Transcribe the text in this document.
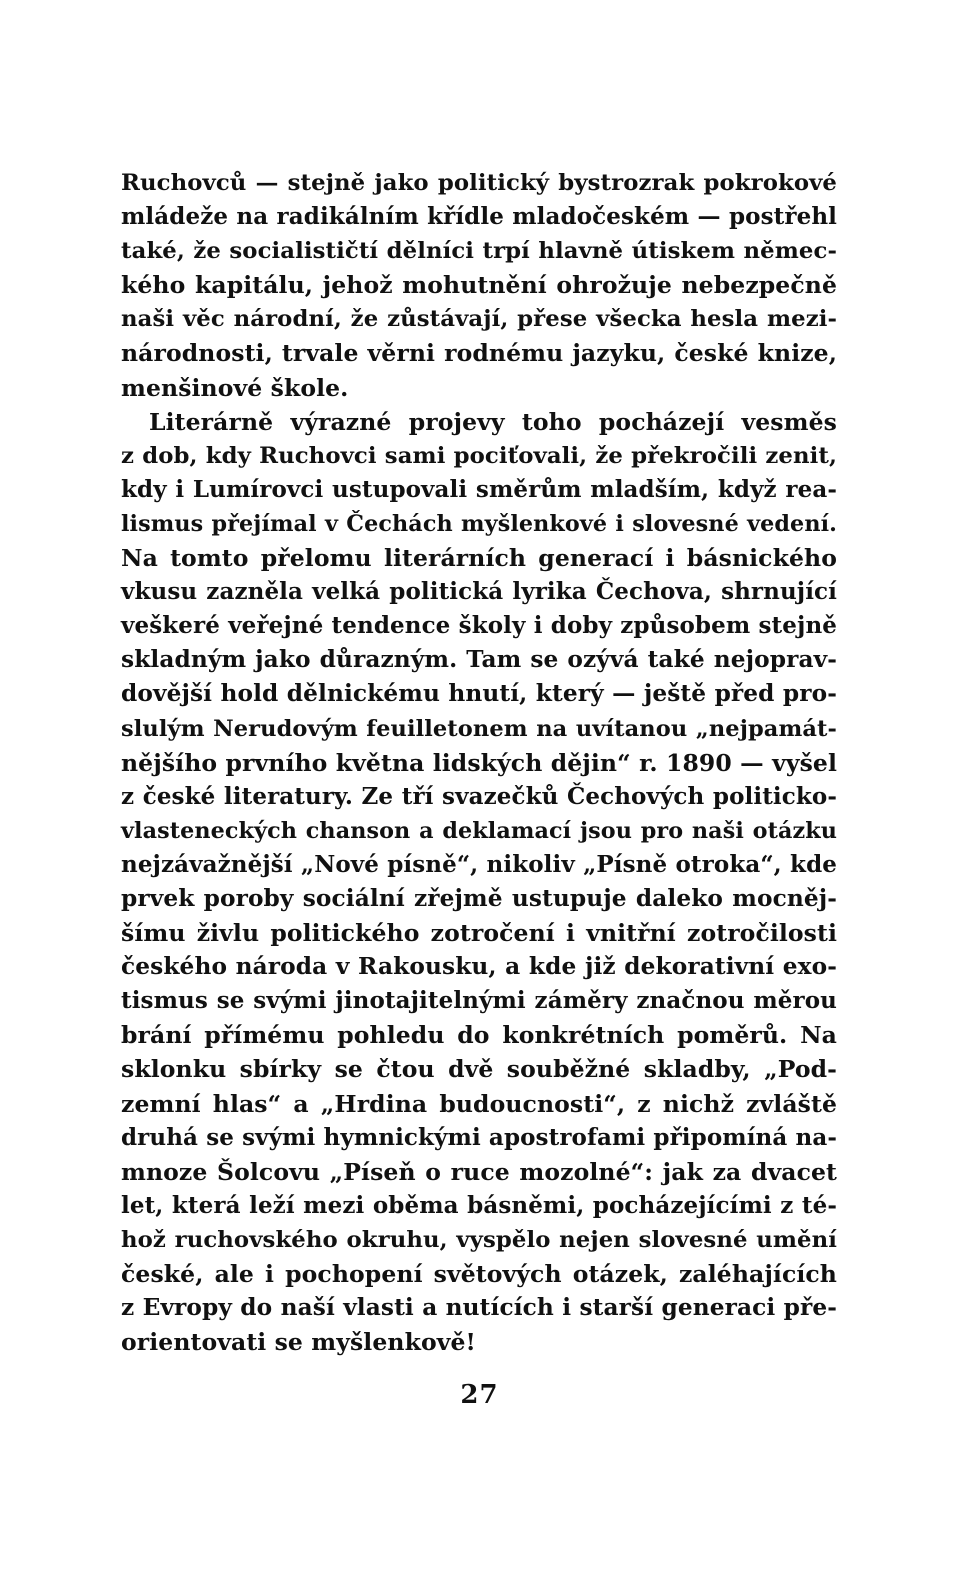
Ruchovců — stejně jako politický bystrozrak pokrokové
mládeže na radikálním křídle mladočeském — postřehl
také, že socialističtí dělníci trpí hlavně útiskem němec-
kého kapitálu, jehož mohutnění ohrožuje nebezpečně
naši věc národní, že zůstávají, přese všecka hesla mezi-
národnosti, trvale věrni rodnému jazyku, české knize,
menšinové škole.
Literárně výrazné projevy toho pocházejí vesměs
z dob, kdy Ruchovci sami pociťovali, že překročili zenit,
kdy i Lumírovci ustupovali směrům mladším, když rea-
lismus přejímal v Čechách myšlenkové i slovesné vedení.
Na tomto přelomu literárních generací i básnického
vkusu zazněla velká politická lyrika Čechova, shrnující
veškeré veřejné tendence školy i doby způsobem stejně
skladným jako důrazným. Tam se ozývá také nejoprav-
dovější hold dělnickému hnutí, který — ještě před pro-
slulým Nerudovým feuilletonem na uvítanou „nejpamát-
nějšího prvního května lidských dějin“ r. 1890 — vyšel
z české literatury. Ze tří svazečků Čechových politicko-
vlasteneckých chanson a deklamací jsou pro naši otázku
nejzávažnější „Nové písně“, nikoliv „Písně otroka“, kde
prvek poroby sociální zřejmě ustupuje daleko mocněj-
šímu živlu politického zotročení i vnitřní zotročilosti
českého národa v Rakousku, a kde již dekorativní exo-
tismus se svými jinotajitelnými záměry značnou měrou
brání přímému pohledu do konkrétních poměrů. Na
sklonku sbírky se čtou dvě souběžné skladby, „Pod-
zemní hlas“ a „Hrdina budoucnosti“, z nichž zvláště
druhá se svými hymnickými apostrofami připomíná na-
mnoze Šolcovu „Píseň o ruce mozolné“: jak za dvacet
let, která leží mezi oběma básněmi, pocházejícími z té-
hož ruchovského okruhu, vyspělo nejen slovesné umění
české, ale i pochopení světových otázek, zaléhajících
z Evropy do naší vlasti a nutících i starší generaci pře-
orientovati se myšlenkově!
27
